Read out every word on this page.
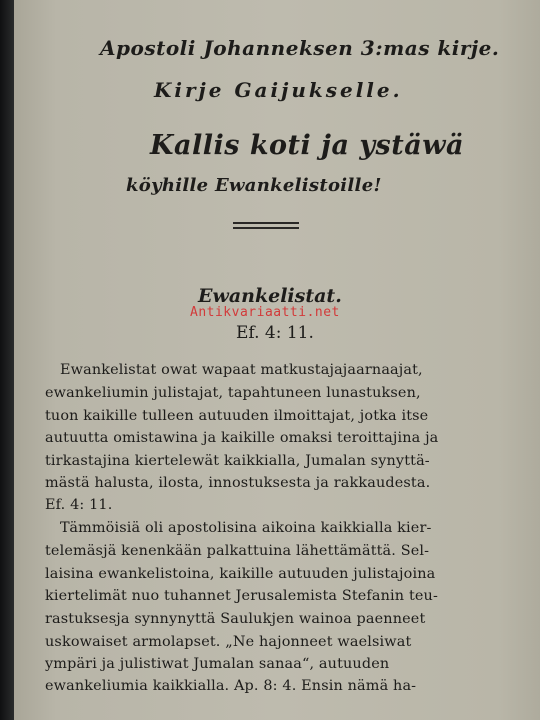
Apostoli Johanneksen 3:mas kirje.
Kirje Gaijukselle.
Kallis koti ja ystäwä
köyhille Ewankelistoille!
Ewankelistat.
Antikvariaatti.net
Ef. 4: 11.
Ewankelistat owat wapaat matkustajajaarnaajat,
ewankeliumin julistajat, tapahtuneen lunastuksen,
tuon kaikille tulleen autuuden ilmoittajat, jotka itse
autuutta omistawina ja kaikille omaksi teroittajina ja
tirkastajina kiertelewät kaikkialla, Jumalan synyttä-
mästä halusta, ilosta, innostuksesta ja rakkaudesta.
Ef. 4: 11.
Tämmöisiä oli apostolisina aikoina kaikkialla kier-
telemäsjä kenenkään palkattuina lähettämättä. Sel-
laisina ewankelistoina, kaikille autuuden julistajoina
kiertelimät nuo tuhannet Jerusalemista Stefanin teu-
rastuksesja synnynyttä Saulukjen wainoa paenneet
uskowaiset armolapset. „Ne hajonneet waelsiwat
ympäri ja julistiwat Jumalan sanaa“, autuuden
ewankeliumia kaikkialla. Ap. 8: 4. Ensin nämä ha-
